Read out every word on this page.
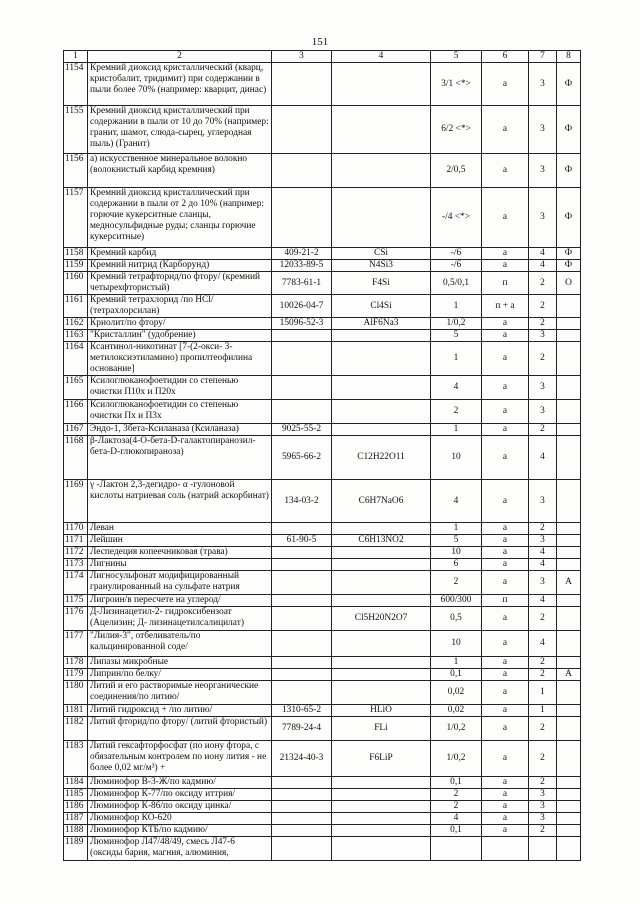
151
1	2	3	4	5	6	7	8
1154	Кремний диоксид кристаллический (кварц, кристобалит, тридимит) при содержании в пыли более 70% (например: кварцит, динас)			3/1 <*>	а	3	Ф
1155	Кремний диоксид кристаллический при содержании в пыли от 10 до 70% (например: гранит, шамот, слюда-сырец, углеродная пыль) (Гранит)			6/2 <*>	а	3	Ф
1156	а) искусственное минеральное волокно (волокнистый карбид кремния)			2/0,5	а	3	Ф
1157	Кремний диоксид кристаллический при содержании в пыли от 2 до 10% (например: горючие кукерситные сланцы, медносульфидные руды; сланцы горючие кукерситные)			-/4 <*>	а	3	Ф
1158	Кремний карбид	409-21-2	CSi	-/6	а	4	Ф
1159	Кремний нитрид (Карборунд)	12033-89-5	N4Si3	-/6	а	4	Ф
1160	Кремний тетрафторид/по фтору/ (кремний четырехфтористый)	7783-61-1	F4Si	0,5/0,1	п	2	О
1161	Кремний тетрахлорид /по HCl/ (тетрахлорсилан)	10026-04-7	Cl4Si	1	п + а	2	
1162	Криолит/по фтору/	15096-52-3	AlF6Na3	1/0,2	а	2	
1163	"Кристаллин" (удобрение)			5	а	3	
1164	Ксантинол-никотинат [7-(2-окси- 3-метилоксиэтиламино) пропилтеофилина основание]			1	а	2	
1165	Ксилоглюканофоетидин со степенью очистки П10х и П20х			4	а	3	
1166	Ксилоглюканофоетидин со степенью очистки Пх и П3х			2	а	3	
1167	Эндо-1, 3бета-Ксиланаза (Ксиланаза)	9025-55-2		1	а	2	
1168	β-Лактоза(4-О-бета-D-галактопиранозил- бета-D-глюкопираноза)	5965-66-2	C12H22O11	10	а	4	
1169	γ -Лактон 2,3-дегидро- α -гулоновой кислоты натриевая соль (натрий аскорбинат)	134-03-2	C6H7NaO6	4	а	3	
1170	Леван			1	а	2	
1171	Лейшин	61-90-5	C6H13NO2	5	а	3	
1172	Леспедеция копеечниковая (трава)			10	а	4	
1173	Лигнины			6	а	4	
1174	Лигносульфонат модифицированный гранулированный на сульфате натрия			2	а	3	А
1175	Лигроин/в пересчете на углерод/			600/300	п	4	
1176	Д-Лизинацетил-2- гидроксибензоат (Ацелизин; Д- лизинацетилсалицилат)		Cl5H20N2O7	0,5	а	2	
1177	"Лилия-3", отбеливатель/по кальцинированной соде/			10	а	4	
1178	Липазы микробные			1	а	2	
1179	Липрин/по белку/			0,1	а	2	А
1180	Литий и его растворимые неорганические соединения/по литию/			0,02	а	1	
1181	Литий гидроксид + /по литию/	1310-65-2	HLiO	0,02	а	1	
1182	Литий фторид/по фтору/ (литий фтористый)	7789-24-4	FLi	1/0,2	а	2	
1183	Литий гексафторфосфат (по иону фтора, с обязательным контролем по иону лития - не более 0,02 мг/м³) +	21324-40-3	F6LiP	1/0,2	а	2	
1184	Люминофор В-3-Ж/по кадмию/			0,1	а	2	
1185	Люминофор К-77/по оксиду иттрия/			2	а	3	
1186	Люминофор К-86/по оксиду цинка/			2	а	3	
1187	Люминофор КО-620			4	а	3	
1188	Люминофор КТБ/по кадмию/			0,1	а	2	
1189	Люминофор Л47/48/49, смесь Л47-6 (оксиды бария, магния, алюминия,						
